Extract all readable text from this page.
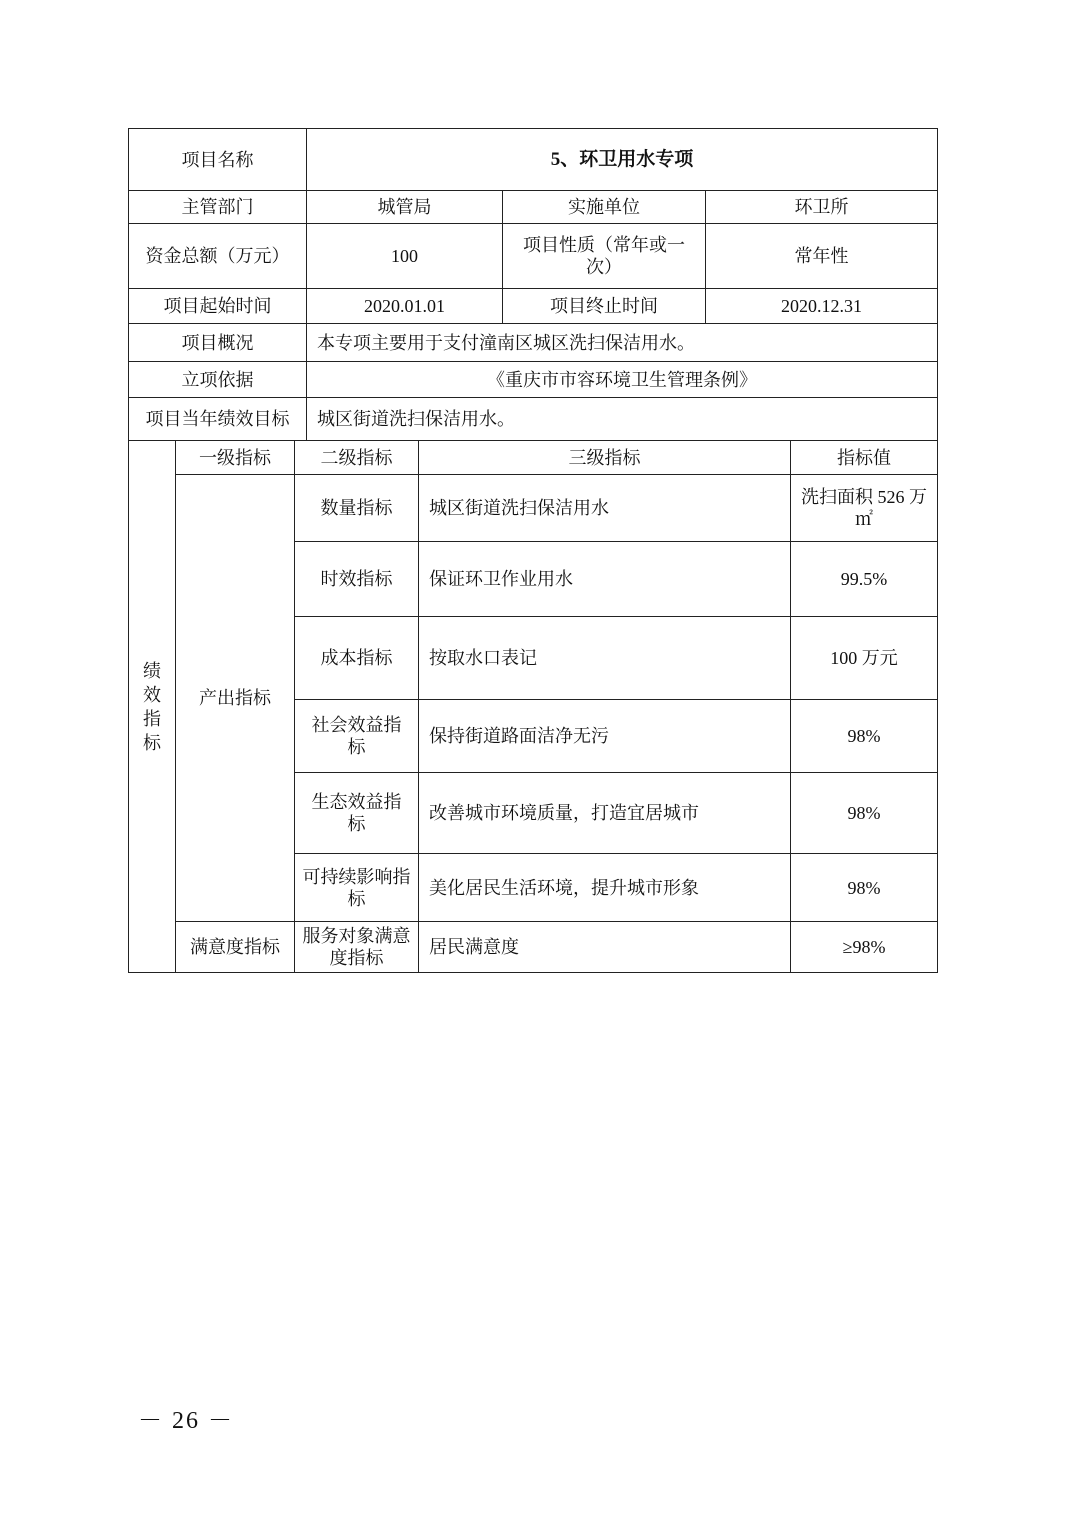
项目名称	5、环卫用水专项		
主管部门	城管局	实施单位	环卫所
资金总额（万元）	100	项目性质（常年或一次）	常年性
项目起始时间	2020.01.01	项目终止时间	2020.12.31
项目概况	本专项主要用于支付潼南区城区洗扫保洁用水。		
立项依据	《重庆市市容环境卫生管理条例》		
项目当年绩效目标	城区街道洗扫保洁用水。		
绩效指标	一级指标	二级指标	三级指标	指标值
	产出指标	数量指标	城区街道洗扫保洁用水	洗扫面积 526 万㎡
		时效指标	保证环卫作业用水	99.5%
		成本指标	按取水口表记	100 万元
		社会效益指标	保持街道路面洁净无污	98%
		生态效益指标	改善城市环境质量，打造宜居城市	98%
		可持续影响指标	美化居民生活环境，提升城市形象	98%
	满意度指标	服务对象满意度指标	居民满意度	≥98%
－ 26 －
